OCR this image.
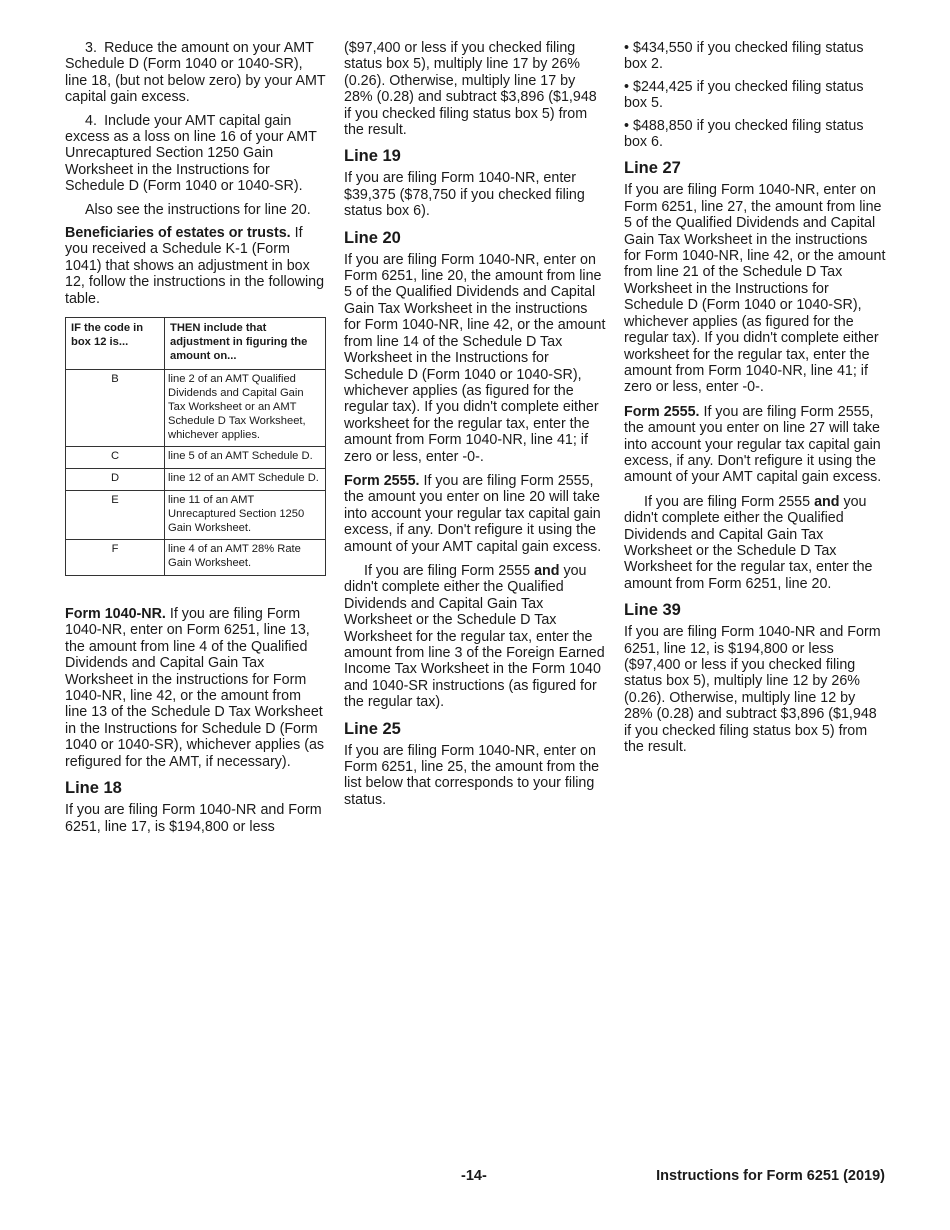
3. Reduce the amount on your AMT Schedule D (Form 1040 or 1040-SR), line 18, (but not below zero) by your AMT capital gain excess.

4. Include your AMT capital gain excess as a loss on line 16 of your AMT Unrecaptured Section 1250 Gain Worksheet in the Instructions for Schedule D (Form 1040 or 1040-SR).

Also see the instructions for line 20.

Beneficiaries of estates or trusts. If you received a Schedule K-1 (Form 1041) that shows an adjustment in box 12, follow the instructions in the following table.

IF the code in box 12 is...	THEN include that adjustment in figuring the amount on...
B	line 2 of an AMT Qualified Dividends and Capital Gain Tax Worksheet or an AMT Schedule D Tax Worksheet, whichever applies.
C	line 5 of an AMT Schedule D.
D	line 12 of an AMT Schedule D.
E	line 11 of an AMT Unrecaptured Section 1250 Gain Worksheet.
F	line 4 of an AMT 28% Rate Gain Worksheet.

Form 1040-NR. If you are filing Form 1040-NR, enter on Form 6251, line 13, the amount from line 4 of the Qualified Dividends and Capital Gain Tax Worksheet in the instructions for Form 1040-NR, line 42, or the amount from line 13 of the Schedule D Tax Worksheet in the Instructions for Schedule D (Form 1040 or 1040-SR), whichever applies (as refigured for the AMT, if necessary).

Line 18

If you are filing Form 1040-NR and Form 6251, line 17, is $194,800 or less

($97,400 or less if you checked filing status box 5), multiply line 17 by 26% (0.26). Otherwise, multiply line 17 by 28% (0.28) and subtract $3,896 ($1,948 if you checked filing status box 5) from the result.

Line 19

If you are filing Form 1040-NR, enter $39,375 ($78,750 if you checked filing status box 6).

Line 20

If you are filing Form 1040-NR, enter on Form 6251, line 20, the amount from line 5 of the Qualified Dividends and Capital Gain Tax Worksheet in the instructions for Form 1040-NR, line 42, or the amount from line 14 of the Schedule D Tax Worksheet in the Instructions for Schedule D (Form 1040 or 1040-SR), whichever applies (as figured for the regular tax). If you didn't complete either worksheet for the regular tax, enter the amount from Form 1040-NR, line 41; if zero or less, enter -0-.

Form 2555. If you are filing Form 2555, the amount you enter on line 20 will take into account your regular tax capital gain excess, if any. Don't refigure it using the amount of your AMT capital gain excess.

If you are filing Form 2555 and you didn't complete either the Qualified Dividends and Capital Gain Tax Worksheet or the Schedule D Tax Worksheet for the regular tax, enter the amount from line 3 of the Foreign Earned Income Tax Worksheet in the Form 1040 and 1040-SR instructions (as figured for the regular tax).

Line 25

If you are filing Form 1040-NR, enter on Form 6251, line 25, the amount from the list below that corresponds to your filing status.

• $434,550 if you checked filing status box 2.

• $244,425 if you checked filing status box 5.

• $488,850 if you checked filing status box 6.

Line 27

If you are filing Form 1040-NR, enter on Form 6251, line 27, the amount from line 5 of the Qualified Dividends and Capital Gain Tax Worksheet in the instructions for Form 1040-NR, line 42, or the amount from line 21 of the Schedule D Tax Worksheet in the Instructions for Schedule D (Form 1040 or 1040-SR), whichever applies (as figured for the regular tax). If you didn't complete either worksheet for the regular tax, enter the amount from Form 1040-NR, line 41; if zero or less, enter -0-.

Form 2555. If you are filing Form 2555, the amount you enter on line 27 will take into account your regular tax capital gain excess, if any. Don't refigure it using the amount of your AMT capital gain excess.

If you are filing Form 2555 and you didn't complete either the Qualified Dividends and Capital Gain Tax Worksheet or the Schedule D Tax Worksheet for the regular tax, enter the amount from Form 6251, line 20.

Line 39

If you are filing Form 1040-NR and Form 6251, line 12, is $194,800 or less ($97,400 or less if you checked filing status box 5), multiply line 12 by 26% (0.26). Otherwise, multiply line 12 by 28% (0.28) and subtract $3,896 ($1,948 if you checked filing status box 5) from the result.

-14-	Instructions for Form 6251 (2019)
